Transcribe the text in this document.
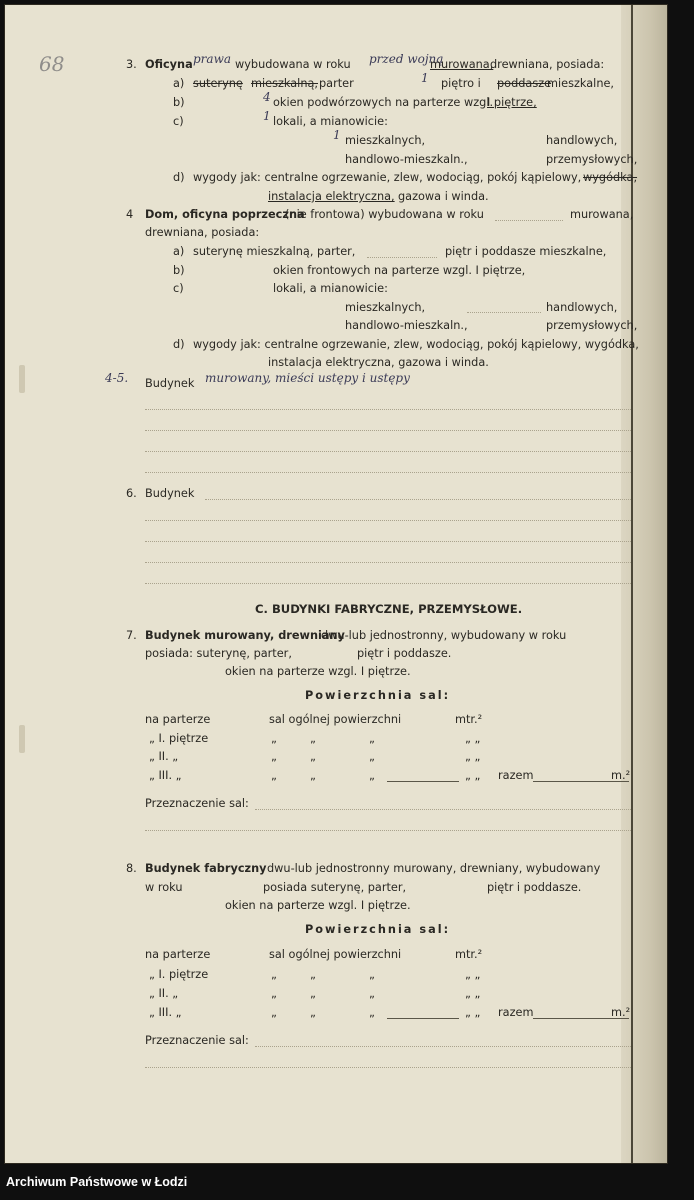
68	3. Oficyna prawa wybudowana w roku przed wojną
murowana,
drewniana, posiada:
a) suterynę mieszkalną, parter	1 piętro i poddasze
mieszkalne,
b)	4 okien podwórzowych na parterze wzgl.
I piętrze,
c)	1 lokali, a mianowicie:
1 mieszkalnych,	handlowych,
handlowo-mieszkaln.,	przemysłowych,
d) wygody jak: centralne ogrzewanie, zlew, wodociąg, pokój kąpielowy, wygódka,
instalacja elektryczna, gazowa i winda.
4 Dom, oficyna poprzeczna
(nie frontowa) wybudowana w roku	murowana,
drewniana, posiada:
a) suterynę mieszkalną, parter,	piętr i poddasze mieszkalne,
b)	okien frontowych na parterze wzgl. I piętrze,
c)	lokali, a mianowicie:
mieszkalnych,	handlowych,
handlowo-mieszkaln.,	przemysłowych,
d) wygody jak: centralne ogrzewanie, zlew, wodociąg, pokój kąpielowy, wygódka,
instalacja elektryczna, gazowa i winda.
4-5. Budynek murowany, mieści ustępy i ustępy
6. Budynek
C. BUDYNKI FABRYCZNE, PRZEMYSŁOWE.
7. Budynek murowany, drewniany
dwu-lub jednostronny, wybudowany w roku
posiada: suterynę, parter,	piętr i poddasze.
okien na parterze wzgl. I piętrze.
Powierzchnia sal:
na parterze	sal ogólnej powierzchni	mtr.²
„ I. piętrze	„	„	„	„ „
„ II. „	„	„	„	„ „
„ III. „	„	„	„	„ „ razem	m.²
Przeznaczenie sal:
8. Budynek fabryczny dwu-lub jednostronny murowany, drewniany, wybudowany
w roku	posiada suterynę, parter,	piętr i poddasze.
okien na parterze wzgl. I piętrze.
Powierzchnia sal:
na parterze	sal ogólnej powierzchni	mtr.²
„ I. piętrze	„	„	„	„ „
„ II. „	„	„	„	„ „
„ III. „	„	„	„	„ „ razem	m.²
Przeznaczenie sal:
Archiwum Państwowe w Łodzi
